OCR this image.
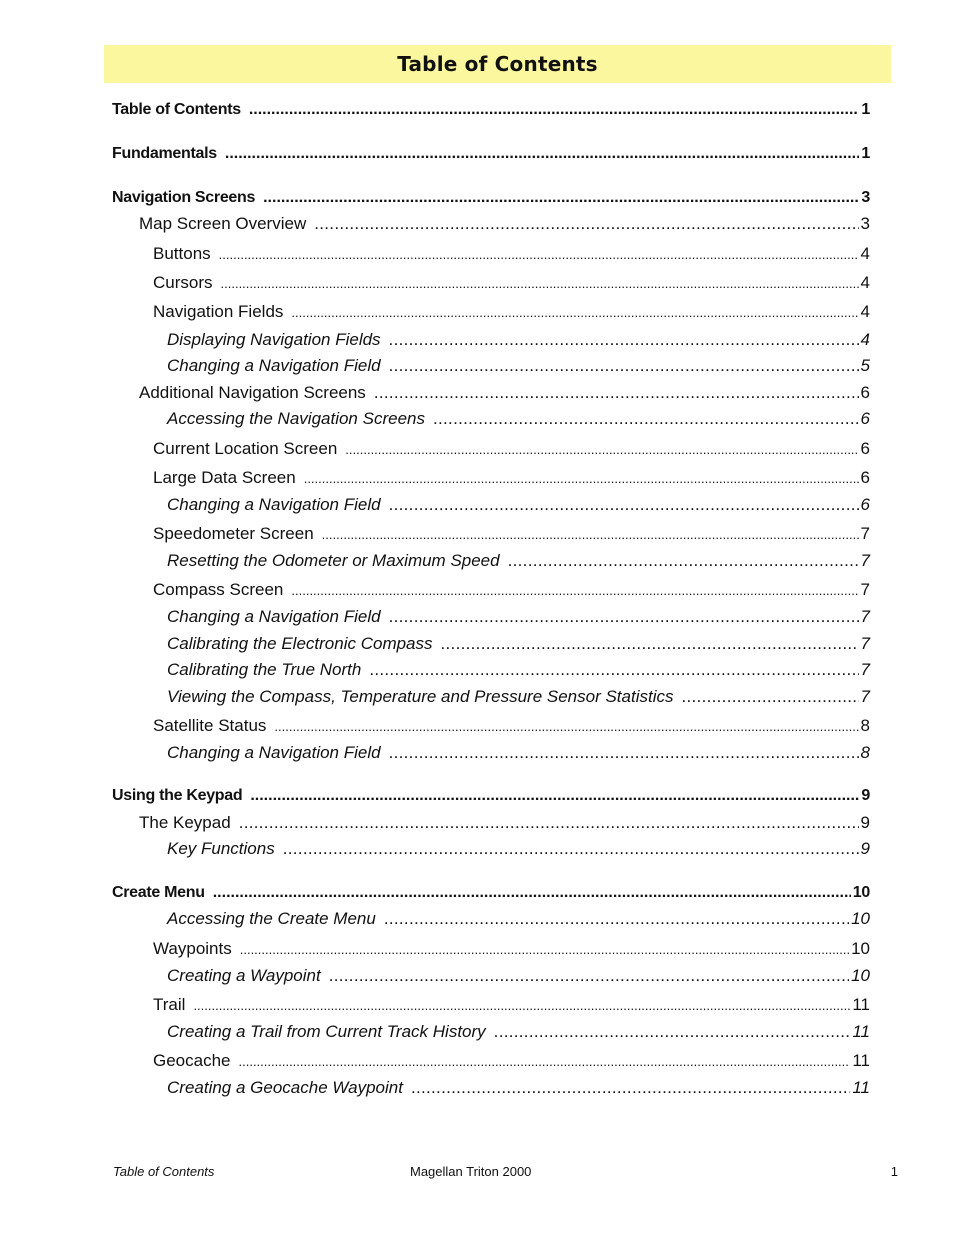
Table of Contents
Table of Contents .....	1
Fundamentals .....	1
Navigation Screens .....	3
Map Screen Overview .....	3
Buttons .....	4
Cursors .....	4
Navigation Fields .....	4
Displaying Navigation Fields .....	4
Changing a Navigation Field .....	5
Additional Navigation Screens .....	6
Accessing the Navigation Screens .....	6
Current Location Screen .....	6
Large Data Screen .....	6
Changing a Navigation Field .....	6
Speedometer Screen .....	7
Resetting the Odometer or Maximum Speed .....	7
Compass Screen .....	7
Changing a Navigation Field .....	7
Calibrating the Electronic Compass .....	7
Calibrating the True North .....	7
Viewing the Compass, Temperature and Pressure Sensor Statistics .....	7
Satellite Status .....	8
Changing a Navigation Field .....	8
Using the Keypad .....	9
The Keypad .....	9
Key Functions .....	9
Create Menu .....	10
Accessing the Create Menu .....	10
Waypoints .....	10
Creating a Waypoint .....	10
Trail .....	11
Creating a Trail from Current Track History .....	11
Geocache .....	11
Creating a Geocache Waypoint .....	11
Table of Contents	Magellan Triton 2000	1
